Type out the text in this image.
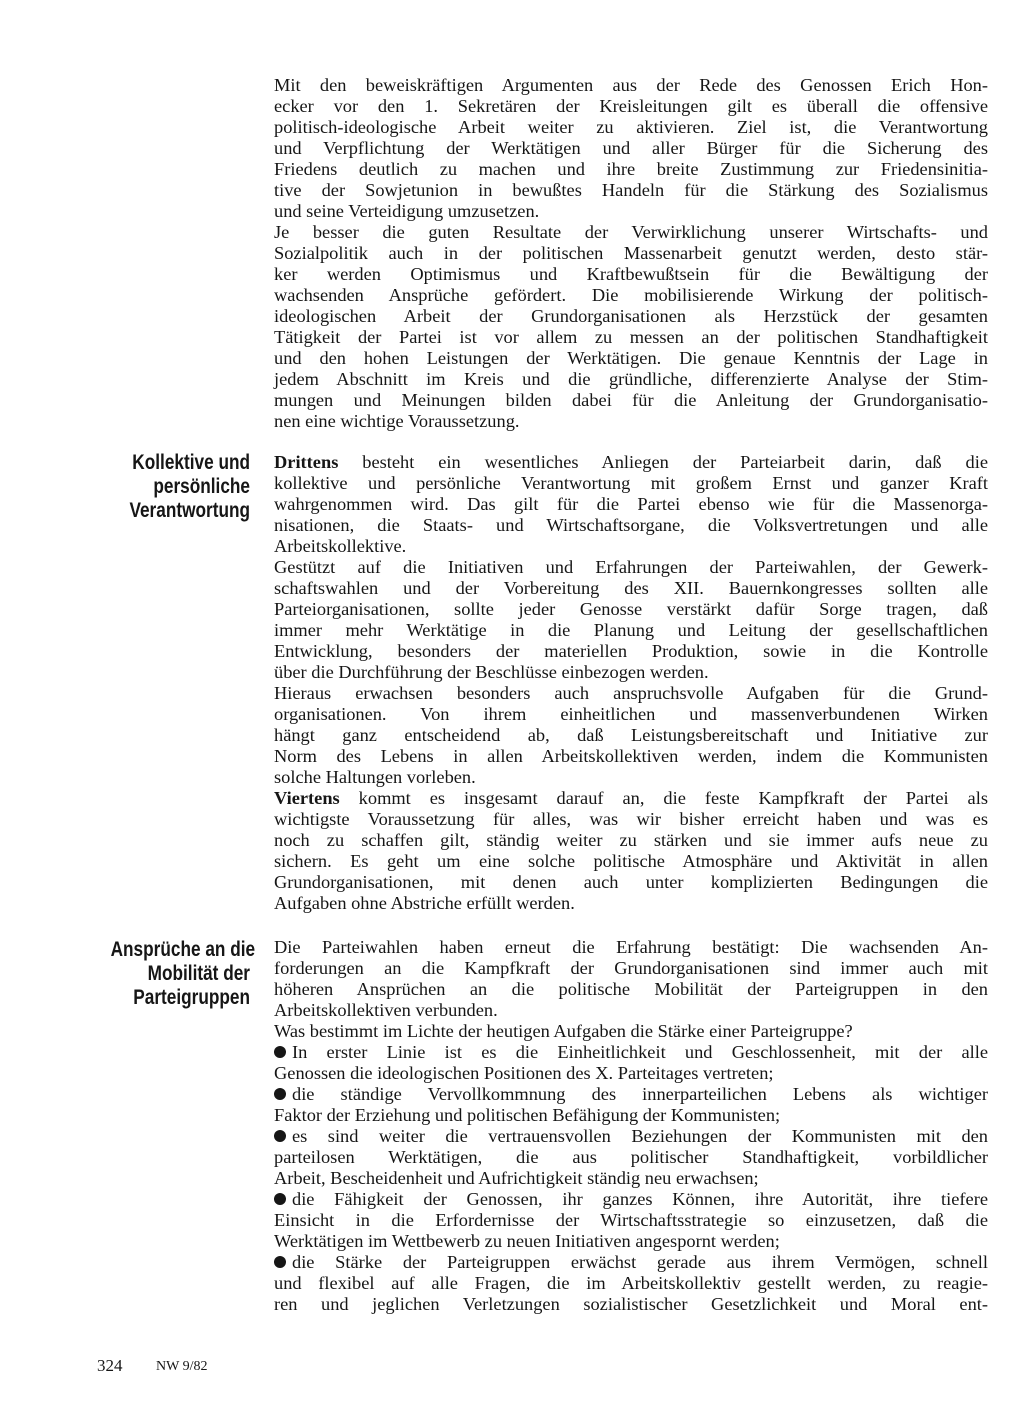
Kollektive und
persönliche
Verantwortung
Ansprüche an die
Mobilität der
Parteigruppen
Mit den beweiskräftigen Argumenten aus der Rede des Genossen Erich Hon-
ecker vor den 1. Sekretären der Kreisleitungen gilt es überall die offensive
politisch-ideologische Arbeit weiter zu aktivieren. Ziel ist, die Verantwortung
und Verpflichtung der Werktätigen und aller Bürger für die Sicherung des
Friedens deutlich zu machen und ihre breite Zustimmung zur Friedensinitia-
tive der Sowjetunion in bewußtes Handeln für die Stärkung des Sozialismus
und seine Verteidigung umzusetzen.
Je besser die guten Resultate der Verwirklichung unserer Wirtschafts- und
Sozialpolitik auch in der politischen Massenarbeit genutzt werden, desto stär-
ker werden Optimismus und Kraftbewußtsein für die Bewältigung der
wachsenden Ansprüche gefördert. Die mobilisierende Wirkung der politisch-
ideologischen Arbeit der Grundorganisationen als Herzstück der gesamten
Tätigkeit der Partei ist vor allem zu messen an der politischen Standhaftigkeit
und den hohen Leistungen der Werktätigen. Die genaue Kenntnis der Lage in
jedem Abschnitt im Kreis und die gründliche, differenzierte Analyse der Stim-
mungen und Meinungen bilden dabei für die Anleitung der Grundorganisatio-
nen eine wichtige Voraussetzung.
Drittens besteht ein wesentliches Anliegen der Parteiarbeit darin, daß die
kollektive und persönliche Verantwortung mit großem Ernst und ganzer Kraft
wahrgenommen wird. Das gilt für die Partei ebenso wie für die Massenorga-
nisationen, die Staats- und Wirtschaftsorgane, die Volksvertretungen und alle
Arbeitskollektive.
Gestützt auf die Initiativen und Erfahrungen der Parteiwahlen, der Gewerk-
schaftswahlen und der Vorbereitung des XII. Bauernkongresses sollten alle
Parteiorganisationen, sollte jeder Genosse verstärkt dafür Sorge tragen, daß
immer mehr Werktätige in die Planung und Leitung der gesellschaftlichen
Entwicklung, besonders der materiellen Produktion, sowie in die Kontrolle
über die Durchführung der Beschlüsse einbezogen werden.
Hieraus erwachsen besonders auch anspruchsvolle Aufgaben für die Grund-
organisationen. Von ihrem einheitlichen und massenverbundenen Wirken
hängt ganz entscheidend ab, daß Leistungsbereitschaft und Initiative zur
Norm des Lebens in allen Arbeitskollektiven werden, indem die Kommunisten
solche Haltungen vorleben.
Viertens kommt es insgesamt darauf an, die feste Kampfkraft der Partei als
wichtigste Voraussetzung für alles, was wir bisher erreicht haben und was es
noch zu schaffen gilt, ständig weiter zu stärken und sie immer aufs neue zu
sichern. Es geht um eine solche politische Atmosphäre und Aktivität in allen
Grundorganisationen, mit denen auch unter komplizierten Bedingungen die
Aufgaben ohne Abstriche erfüllt werden.
Die Parteiwahlen haben erneut die Erfahrung bestätigt: Die wachsenden An-
forderungen an die Kampfkraft der Grundorganisationen sind immer auch mit
höheren Ansprüchen an die politische Mobilität der Parteigruppen in den
Arbeitskollektiven verbunden.
Was bestimmt im Lichte der heutigen Aufgaben die Stärke einer Parteigruppe?
In erster Linie ist es die Einheitlichkeit und Geschlossenheit, mit der alle
Genossen die ideologischen Positionen des X. Parteitages vertreten;
die ständige Vervollkommnung des innerparteilichen Lebens als wichtiger
Faktor der Erziehung und politischen Befähigung der Kommunisten;
es sind weiter die vertrauensvollen Beziehungen der Kommunisten mit den
parteilosen Werktätigen, die aus politischer Standhaftigkeit, vorbildlicher
Arbeit, Bescheidenheit und Aufrichtigkeit ständig neu erwachsen;
die Fähigkeit der Genossen, ihr ganzes Können, ihre Autorität, ihre tiefere
Einsicht in die Erfordernisse der Wirtschaftsstrategie so einzusetzen, daß die
Werktätigen im Wettbewerb zu neuen Initiativen angespornt werden;
die Stärke der Parteigruppen erwächst gerade aus ihrem Vermögen, schnell
und flexibel auf alle Fragen, die im Arbeitskollektiv gestellt werden, zu reagie-
ren und jeglichen Verletzungen sozialistischer Gesetzlichkeit und Moral ent-
324 NW 9/82
